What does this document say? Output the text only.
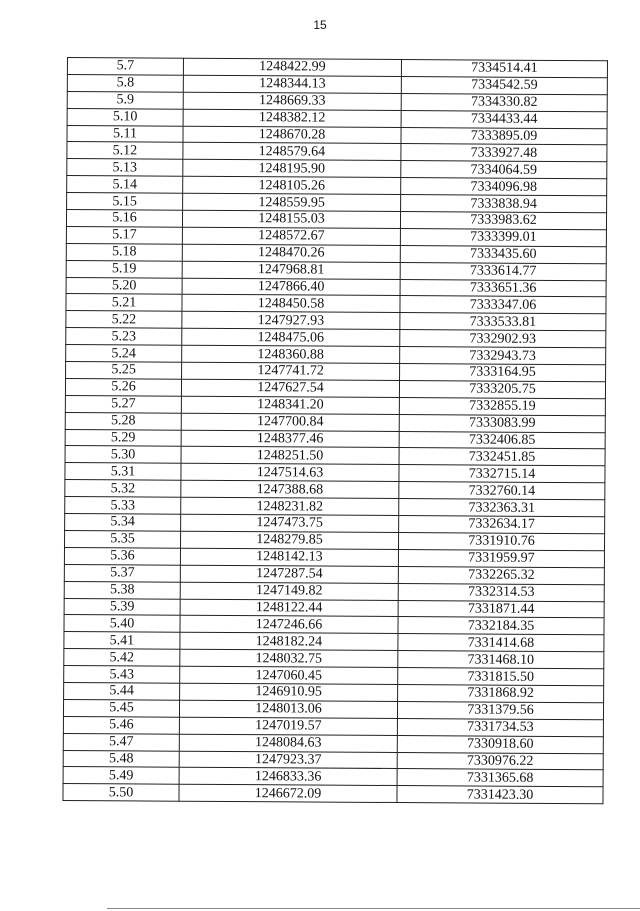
15
5.7	1248422.99	7334514.41
5.8	1248344.13	7334542.59
5.9	1248669.33	7334330.82
5.10	1248382.12	7334433.44
5.11	1248670.28	7333895.09
5.12	1248579.64	7333927.48
5.13	1248195.90	7334064.59
5.14	1248105.26	7334096.98
5.15	1248559.95	7333838.94
5.16	1248155.03	7333983.62
5.17	1248572.67	7333399.01
5.18	1248470.26	7333435.60
5.19	1247968.81	7333614.77
5.20	1247866.40	7333651.36
5.21	1248450.58	7333347.06
5.22	1247927.93	7333533.81
5.23	1248475.06	7332902.93
5.24	1248360.88	7332943.73
5.25	1247741.72	7333164.95
5.26	1247627.54	7333205.75
5.27	1248341.20	7332855.19
5.28	1247700.84	7333083.99
5.29	1248377.46	7332406.85
5.30	1248251.50	7332451.85
5.31	1247514.63	7332715.14
5.32	1247388.68	7332760.14
5.33	1248231.82	7332363.31
5.34	1247473.75	7332634.17
5.35	1248279.85	7331910.76
5.36	1248142.13	7331959.97
5.37	1247287.54	7332265.32
5.38	1247149.82	7332314.53
5.39	1248122.44	7331871.44
5.40	1247246.66	7332184.35
5.41	1248182.24	7331414.68
5.42	1248032.75	7331468.10
5.43	1247060.45	7331815.50
5.44	1246910.95	7331868.92
5.45	1248013.06	7331379.56
5.46	1247019.57	7331734.53
5.47	1248084.63	7330918.60
5.48	1247923.37	7330976.22
5.49	1246833.36	7331365.68
5.50	1246672.09	7331423.30
